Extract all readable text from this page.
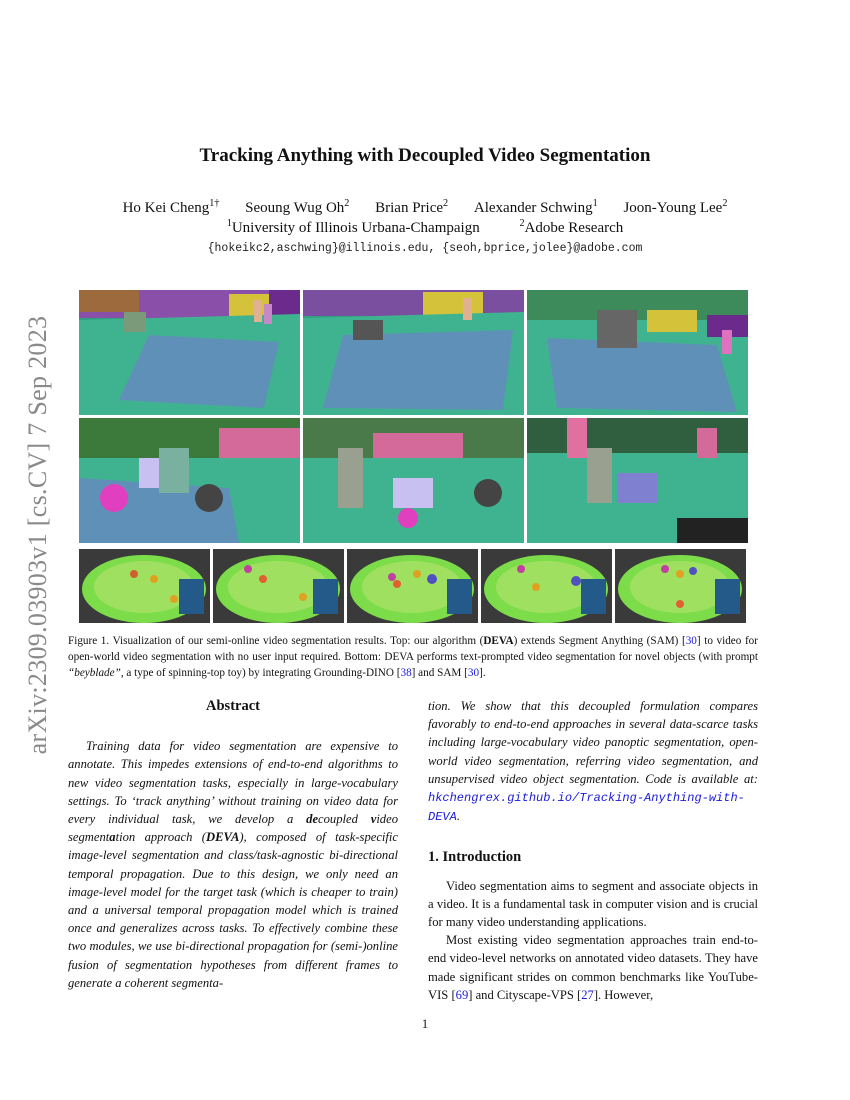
arXiv:2309.03903v1 [cs.CV] 7 Sep 2023
Tracking Anything with Decoupled Video Segmentation
Ho Kei Cheng$^{1\dagger}$ Seoung Wug Oh$^2$ Brian Price$^2$ Alexander Schwing$^1$ Joon-Young Lee$^2$
$^1$University of Illinois Urbana-Champaign	$^2$Adobe Research
{hokeikc2,aschwing}@illinois.edu, {seoh,bprice,jolee}@adobe.com
Figure 1. Visualization of our semi-online video segmentation results. Top: our algorithm (DEVA) extends Segment Anything (SAM) [30] to video for open-world video segmentation with no user input required. Bottom: DEVA performs text-prompted video segmentation for novel objects (with prompt “beyblade”, a type of spinning-top toy) by integrating Grounding-DINO [38] and SAM [30].
Abstract

Training data for video segmentation are expensive to annotate. This impedes extensions of end-to-end algorithms to new video segmentation tasks, especially in large-vocabulary settings. To ‘track anything’ without training on video data for every individual task, we develop a decoupled video segmentation approach (DEVA), composed of task-specific image-level segmentation and class/task-agnostic bi-directional temporal propagation. Due to this design, we only need an image-level model for the target task (which is cheaper to train) and a universal temporal propagation model which is trained once and generalizes across tasks. To effectively combine these two modules, we use bi-directional propagation for (semi-)online fusion of segmentation hypotheses from different frames to generate a coherent segmenta-

tion. We show that this decoupled formulation compares favorably to end-to-end approaches in several data-scarce tasks including large-vocabulary video panoptic segmentation, open-world video segmentation, referring video segmentation, and unsupervised video object segmentation. Code is available at: hkchengrex.github.io/Tracking-Anything-with-DEVA.

1. Introduction

Video segmentation aims to segment and associate objects in a video. It is a fundamental task in computer vision and is crucial for many video understanding applications.

Most existing video segmentation approaches train end-to-end video-level networks on annotated video datasets. They have made significant strides on common benchmarks like YouTube-VIS [69] and Cityscape-VPS [27]. However,

1
